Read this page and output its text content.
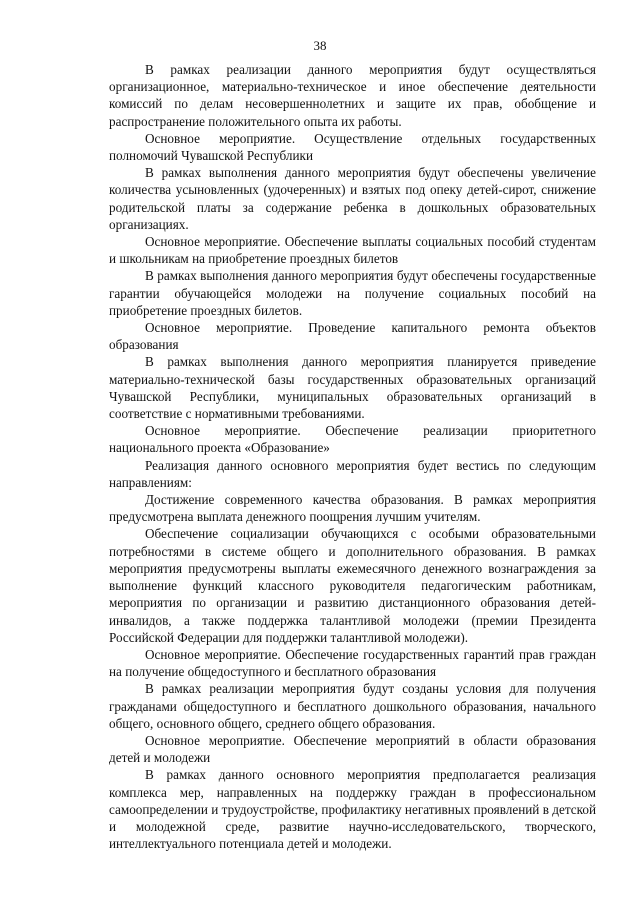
38

В рамках реализации данного мероприятия будут осуществляться организационное, материально-техническое и иное обеспечение деятельности комиссий по делам несовершеннолетних и защите их прав, обобщение и распространение положительного опыта их работы.

Основное мероприятие. Осуществление отдельных государственных полномочий Чувашской Республики

В рамках выполнения данного мероприятия будут обеспечены увеличение количества усыновленных (удочеренных) и взятых под опеку детей-сирот, снижение родительской платы за содержание ребенка в дошкольных образовательных организациях.

Основное мероприятие. Обеспечение выплаты социальных пособий студентам и школьникам на приобретение проездных билетов

В рамках выполнения данного мероприятия будут обеспечены государственные гарантии обучающейся молодежи на получение социальных пособий на приобретение проездных билетов.

Основное мероприятие. Проведение капитального ремонта объектов образования

В рамках выполнения данного мероприятия планируется приведение материально-технической базы государственных образовательных организаций Чувашской Республики, муниципальных образовательных организаций в соответствие с нормативными требованиями.

Основное мероприятие. Обеспечение реализации приоритетного национального проекта «Образование»

Реализация данного основного мероприятия будет вестись по следующим направлениям:

Достижение современного качества образования. В рамках мероприятия предусмотрена выплата денежного поощрения лучшим учителям.

Обеспечение социализации обучающихся с особыми образовательными потребностями в системе общего и дополнительного образования. В рамках мероприятия предусмотрены выплаты ежемесячного денежного вознаграждения за выполнение функций классного руководителя педагогическим работникам, мероприятия по организации и развитию дистанционного образования детей-инвалидов, а также поддержка талантливой молодежи (премии Президента Российской Федерации для поддержки талантливой молодежи).

Основное мероприятие. Обеспечение государственных гарантий прав граждан на получение общедоступного и бесплатного образования

В рамках реализации мероприятия будут созданы условия для получения гражданами общедоступного и бесплатного дошкольного образования, начального общего, основного общего, среднего общего образования.

Основное мероприятие. Обеспечение мероприятий в области образования детей и молодежи

В рамках данного основного мероприятия предполагается реализация комплекса мер, направленных на поддержку граждан в профессиональном самоопределении и трудоустройстве, профилактику негативных проявлений в детской и молодежной среде, развитие научно-исследовательского, творческого, интеллектуального потенциала детей и молодежи.
